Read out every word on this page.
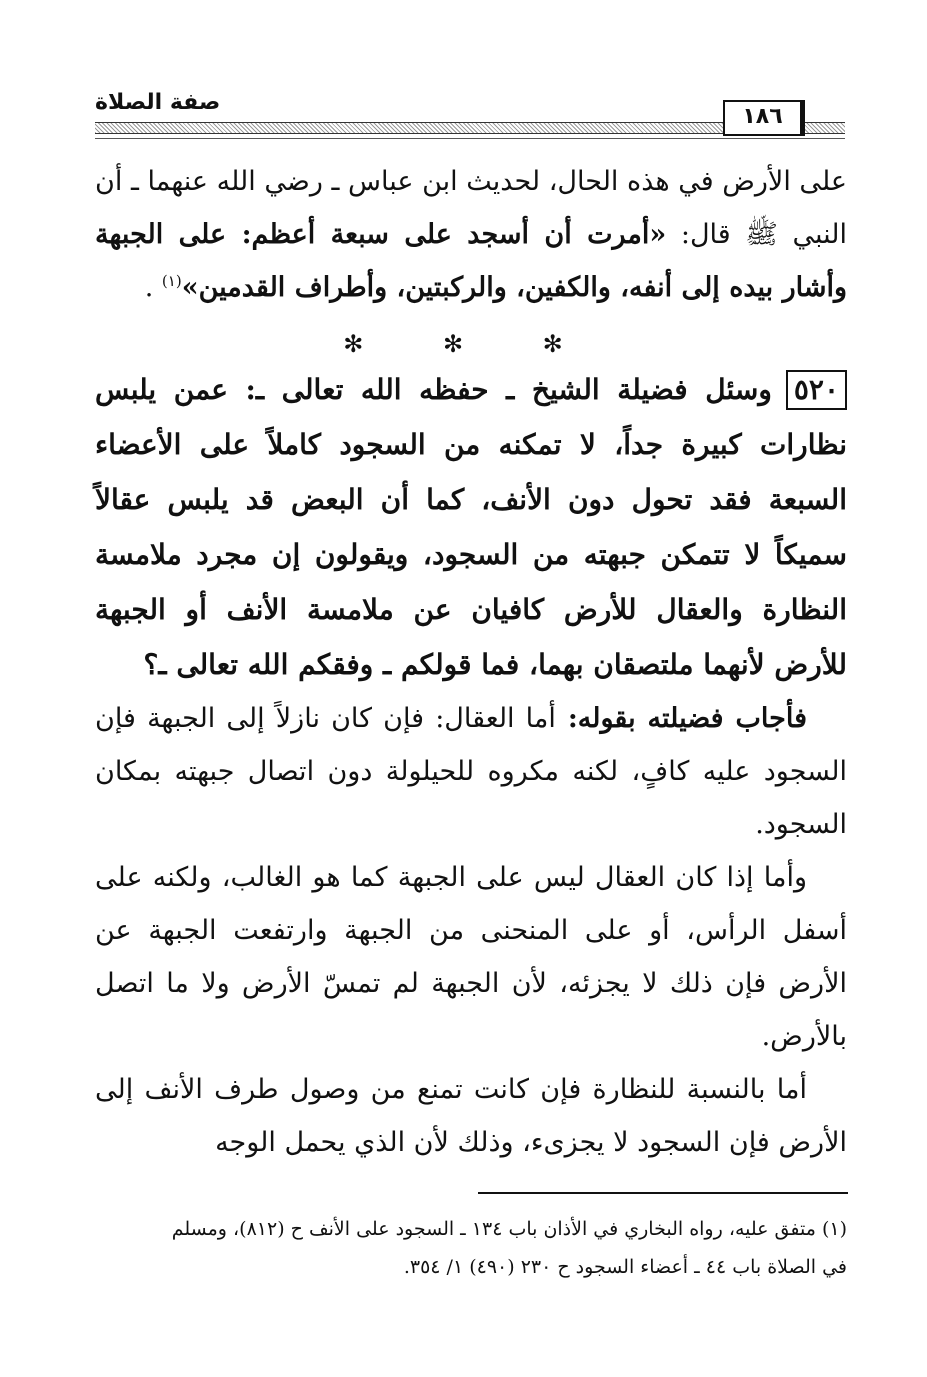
صفة الصلاة
١٨٦

على الأرض في هذه الحال، لحديث ابن عباس ـ رضي الله عنهما ـ أن النبي ﷺ قال: «أمرت أن أسجد على سبعة أعظم: على الجبهة وأشار بيده إلى أنفه، والكفين، والركبتين، وأطراف القدمين»$^{(١)}$ .

✻ ✻ ✻

٥٢٠وسئل فضيلة الشيخ ـ حفظه الله تعالى ـ: عمن يلبس نظارات كبيرة جداً، لا تمكنه من السجود كاملاً على الأعضاء السبعة فقد تحول دون الأنف، كما أن البعض قد يلبس عقالاً سميكاً لا تتمكن جبهته من السجود، ويقولون إن مجرد ملامسة النظارة والعقال للأرض كافيان عن ملامسة الأنف أو الجبهة للأرض لأنهما ملتصقان بهما، فما قولكم ـ وفقكم الله تعالى ـ؟

فأجاب فضيلته بقوله: أما العقال: فإن كان نازلاً إلى الجبهة فإن السجود عليه كافٍ، لكنه مكروه للحيلولة دون اتصال جبهته بمكان السجود.

وأما إذا كان العقال ليس على الجبهة كما هو الغالب، ولكنه على أسفل الرأس، أو على المنحنى من الجبهة وارتفعت الجبهة عن الأرض فإن ذلك لا يجزئه، لأن الجبهة لم تمسّ الأرض ولا ما اتصل بالأرض.

أما بالنسبة للنظارة فإن كانت تمنع من وصول طرف الأنف إلى الأرض فإن السجود لا يجزىء، وذلك لأن الذي يحمل الوجه

(١) متفق عليه، رواه البخاري في الأذان باب ١٣٤ ـ السجود على الأنف ح (٨١٢)، ومسلم

في الصلاة باب ٤٤ ـ أعضاء السجود ح ٢٣٠ (٤٩٠) ١/ ٣٥٤.
